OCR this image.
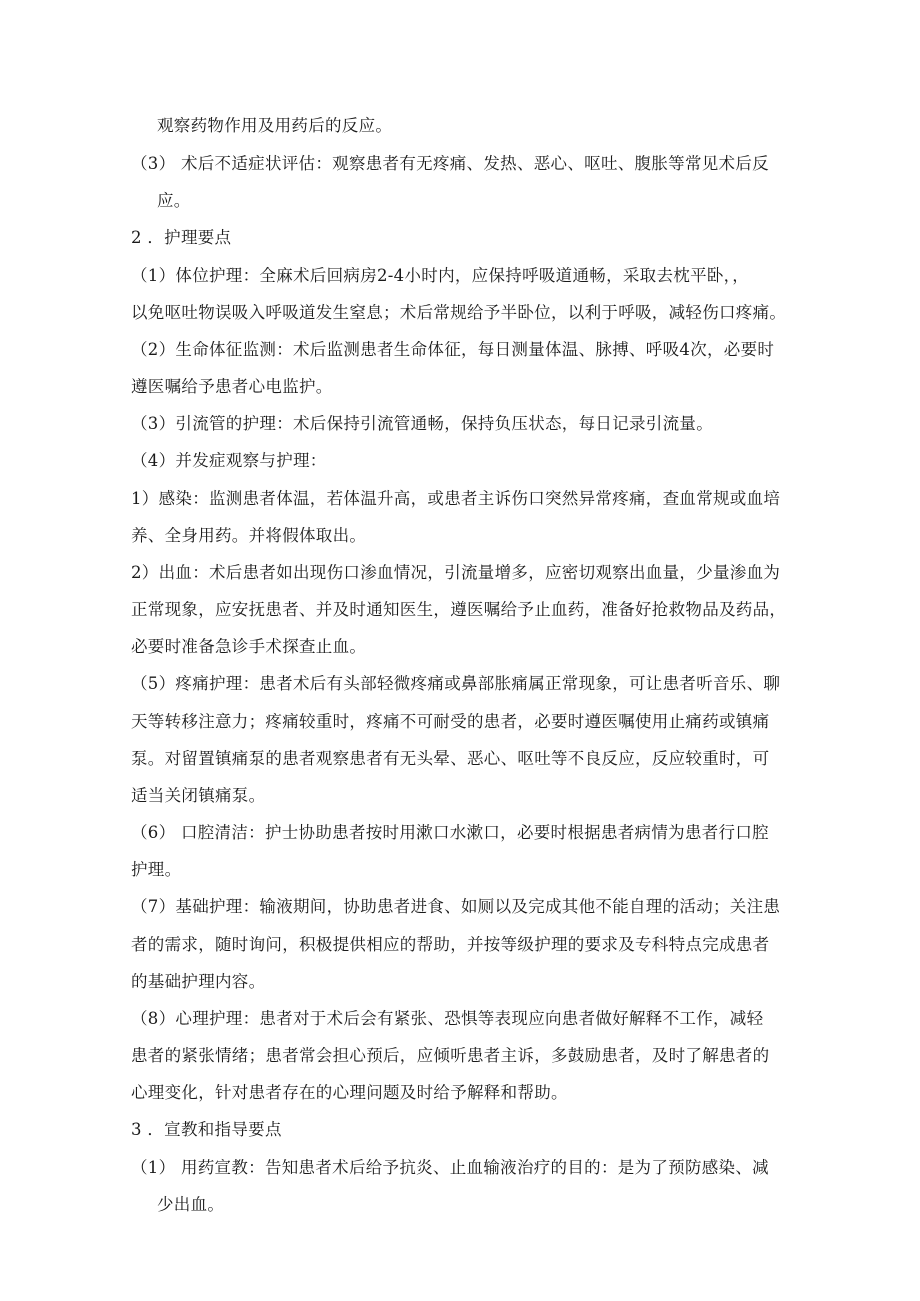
观察药物作用及用药后的反应。
（3） 术后不适症状评估：观察患者有无疼痛、发热、恶心、呕吐、腹胀等常见术后反
应。
2 ．护理要点
（1）体位护理：全麻术后回病房2-4小时内，应保持呼吸道通畅，采取去枕平卧，，
以免呕吐物误吸入呼吸道发生窒息；术后常规给予半卧位，以利于呼吸，减轻伤口疼痛。
（2）生命体征监测：术后监测患者生命体征，每日测量体温、脉搏、呼吸4次，必要时
遵医嘱给予患者心电监护。
（3）引流管的护理：术后保持引流管通畅，保持负压状态，每日记录引流量。
（4）并发症观察与护理：
1）感染：监测患者体温，若体温升高，或患者主诉伤口突然异常疼痛，查血常规或血培
养、全身用药。并将假体取出。
2）出血：术后患者如出现伤口渗血情况，引流量增多，应密切观察出血量，少量渗血为
正常现象，应安抚患者、并及时通知医生，遵医嘱给予止血药，准备好抢救物品及药品，
必要时准备急诊手术探查止血。
（5）疼痛护理：患者术后有头部轻微疼痛或鼻部胀痛属正常现象，可让患者听音乐、聊
天等转移注意力；疼痛较重时，疼痛不可耐受的患者，必要时遵医嘱使用止痛药或镇痛
泵。对留置镇痛泵的患者观察患者有无头晕、恶心、呕吐等不良反应，反应较重时，可
适当关闭镇痛泵。
（6） 口腔清洁：护士协助患者按时用漱口水漱口，必要时根据患者病情为患者行口腔
护理。
（7）基础护理：输液期间，协助患者进食、如厕以及完成其他不能自理的活动；关注患
者的需求，随时询问，积极提供相应的帮助，并按等级护理的要求及专科特点完成患者
的基础护理内容。
（8）心理护理：患者对于术后会有紧张、恐惧等表现应向患者做好解释不工作，减轻
患者的紧张情绪；患者常会担心预后，应倾听患者主诉，多鼓励患者，及时了解患者的
心理变化，针对患者存在的心理问题及时给予解释和帮助。
3 ．宣教和指导要点
（1） 用药宣教：告知患者术后给予抗炎、止血输液治疗的目的：是为了预防感染、减
少出血。
